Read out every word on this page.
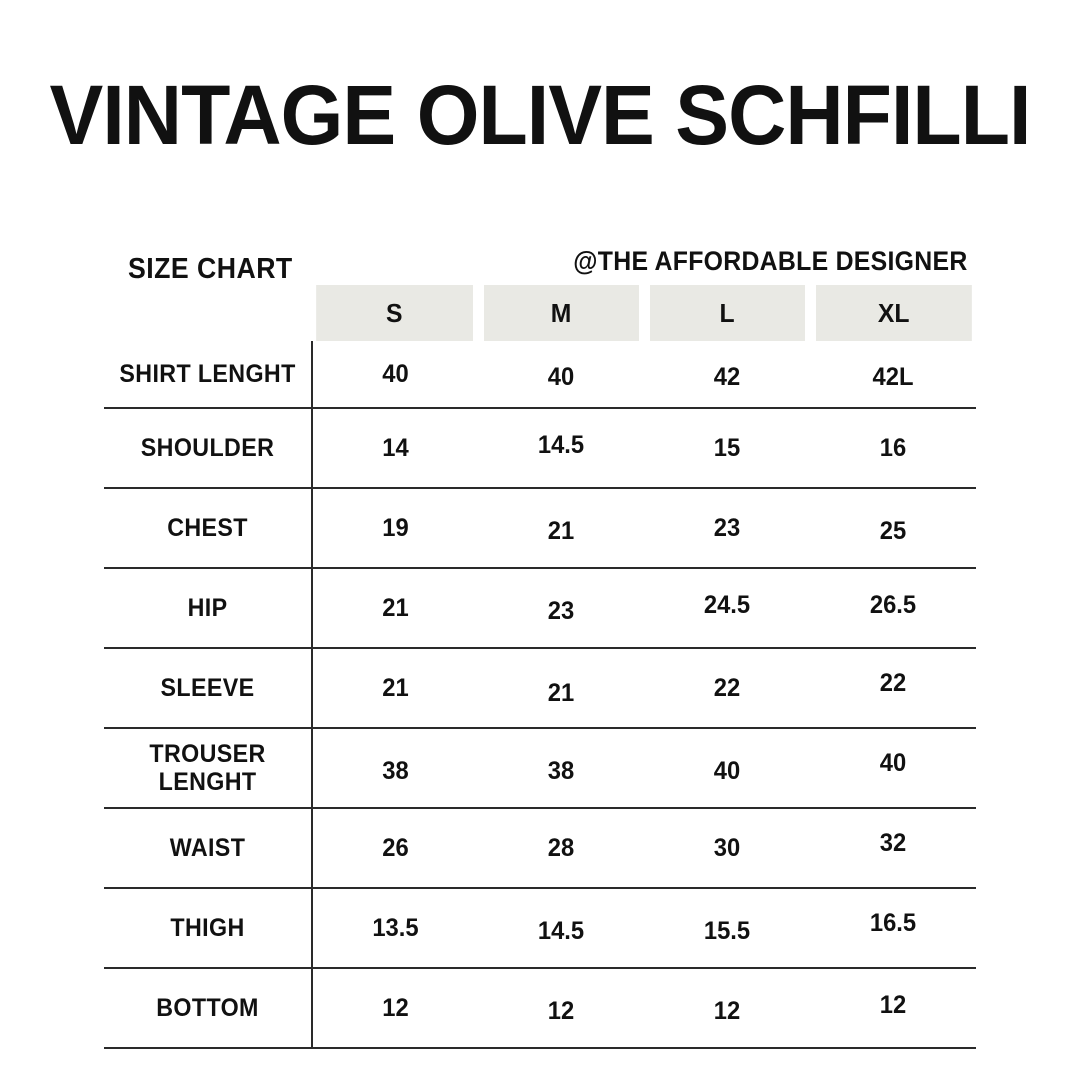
VINTAGE OLIVE SCHFILLI
SIZE CHART	@THE AFFORDABLE DESIGNER
	S	M	L	XL
SHIRT LENGHT	40	40	42	42L
SHOULDER	14	14.5	15	16
CHEST	19	21	23	25
HIP	21	23	24.5	26.5
SLEEVE	21	21	22	22
TROUSER LENGHT	38	38	40	40
WAIST	26	28	30	32
THIGH	13.5	14.5	15.5	16.5
BOTTOM	12	12	12	12
